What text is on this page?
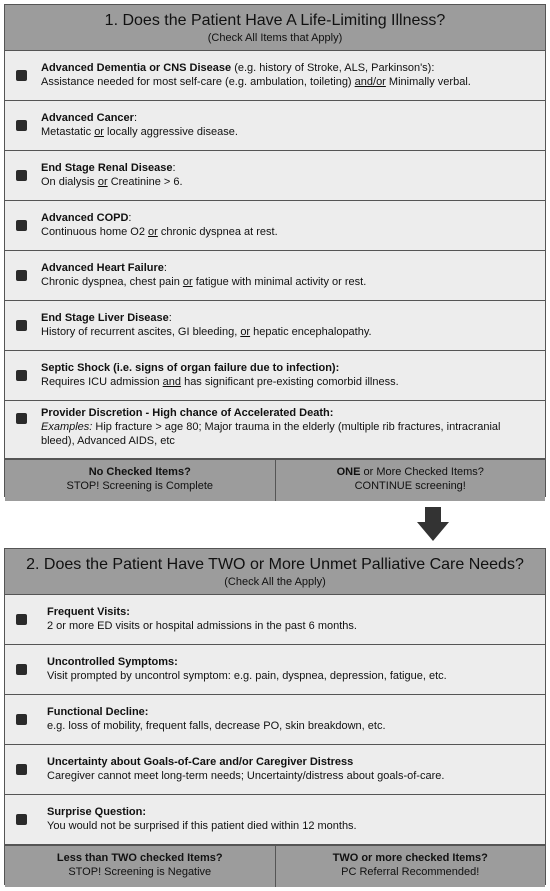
1. Does the Patient Have A Life-Limiting Illness?
(Check All Items that Apply)
Advanced Dementia or CNS Disease (e.g. history of Stroke, ALS, Parkinson's):
Assistance needed for most self-care (e.g. ambulation, toileting) and/or Minimally verbal.
Advanced Cancer:
Metastatic or locally aggressive disease.
End Stage Renal Disease:
On dialysis or Creatinine > 6.
Advanced COPD:
Continuous home O2 or chronic dyspnea at rest.
Advanced Heart Failure:
Chronic dyspnea, chest pain or fatigue with minimal activity or rest.
End Stage Liver Disease:
History of recurrent ascites, GI bleeding, or hepatic encephalopathy.
Septic Shock (i.e. signs of organ failure due to infection):
Requires ICU admission and has significant pre-existing comorbid illness.
Provider Discretion - High chance of Accelerated Death:
Examples: Hip fracture > age 80; Major trauma in the elderly (multiple rib fractures, intracranial bleed), Advanced AIDS, etc
No Checked Items?
STOP! Screening is Complete
ONE or More Checked Items?
CONTINUE screening!
2. Does the Patient Have TWO or More Unmet Palliative Care Needs?
(Check All the Apply)
Frequent Visits:
2 or more ED visits or hospital admissions in the past 6 months.
Uncontrolled Symptoms:
Visit prompted by uncontrol symptom: e.g. pain, dyspnea, depression, fatigue, etc.
Functional Decline:
e.g. loss of mobility, frequent falls, decrease PO, skin breakdown, etc.
Uncertainty about Goals-of-Care and/or Caregiver Distress
Caregiver cannot meet long-term needs; Uncertainty/distress about goals-of-care.
Surprise Question:
You would not be surprised if this patient died within 12 months.
Less than TWO checked Items?
STOP! Screening is Negative
TWO or more checked Items?
PC Referral Recommended!
